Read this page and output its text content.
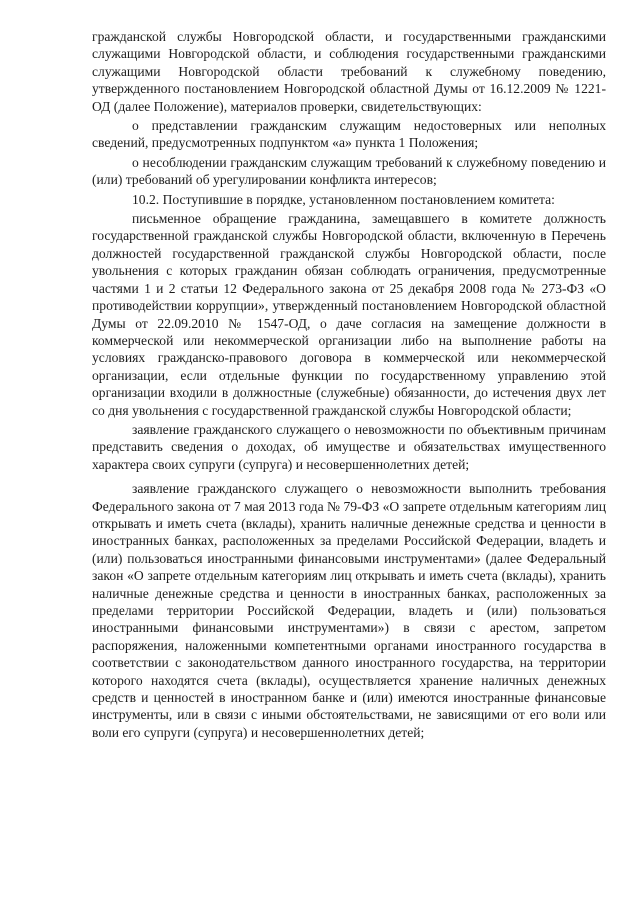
гражданской службы Новгородской области, и государственными гражданскими служащими Новгородской области, и соблюдения государственными гражданскими служащими Новгородской области требований к служебному поведению, утвержденного постановлением Новгородской областной Думы от 16.12.2009 № 1221-ОД (далее Положение), материалов проверки, свидетельствующих:

о представлении гражданским служащим недостоверных или неполных сведений, предусмотренных подпунктом «а» пункта 1 Положения;

о несоблюдении гражданским служащим требований к служебному поведению и (или) требований об урегулировании конфликта интересов;

10.2. Поступившие в порядке, установленном постановлением комитета:

письменное обращение гражданина, замещавшего в комитете должность государственной гражданской службы Новгородской области, включенную в Перечень должностей государственной гражданской службы Новгородской области, после увольнения с которых гражданин обязан соблюдать ограничения, предусмотренные частями 1 и 2 статьи 12 Федерального закона от 25 декабря 2008 года № 273-ФЗ «О противодействии коррупции», утвержденный постановлением Новгородской областной Думы от 22.09.2010 № 1547-ОД, о даче согласия на замещение должности в коммерческой или некоммерческой организации либо на выполнение работы на условиях гражданско-правового договора в коммерческой или некоммерческой организации, если отдельные функции по государственному управлению этой организации входили в должностные (служебные) обязанности, до истечения двух лет со дня увольнения с государственной гражданской службы Новгородской области;

заявление гражданского служащего о невозможности по объективным причинам представить сведения о доходах, об имуществе и обязательствах имущественного характера своих супруги (супруга) и несовершеннолетних детей;

заявление гражданского служащего о невозможности выполнить требования Федерального закона от 7 мая 2013 года № 79-ФЗ «О запрете отдельным категориям лиц открывать и иметь счета (вклады), хранить наличные денежные средства и ценности в иностранных банках, расположенных за пределами Российской Федерации, владеть и (или) пользоваться иностранными финансовыми инструментами» (далее Федеральный закон «О запрете отдельным категориям лиц открывать и иметь счета (вклады), хранить наличные денежные средства и ценности в иностранных банках, расположенных за пределами территории Российской Федерации, владеть и (или) пользоваться иностранными финансовыми инструментами») в связи с арестом, запретом распоряжения, наложенными компетентными органами иностранного государства в соответствии с законодательством данного иностранного государства, на территории которого находятся счета (вклады), осуществляется хранение наличных денежных средств и ценностей в иностранном банке и (или) имеются иностранные финансовые инструменты, или в связи с иными обстоятельствами, не зависящими от его воли или воли его супруги (супруга) и несовершеннолетних детей;
